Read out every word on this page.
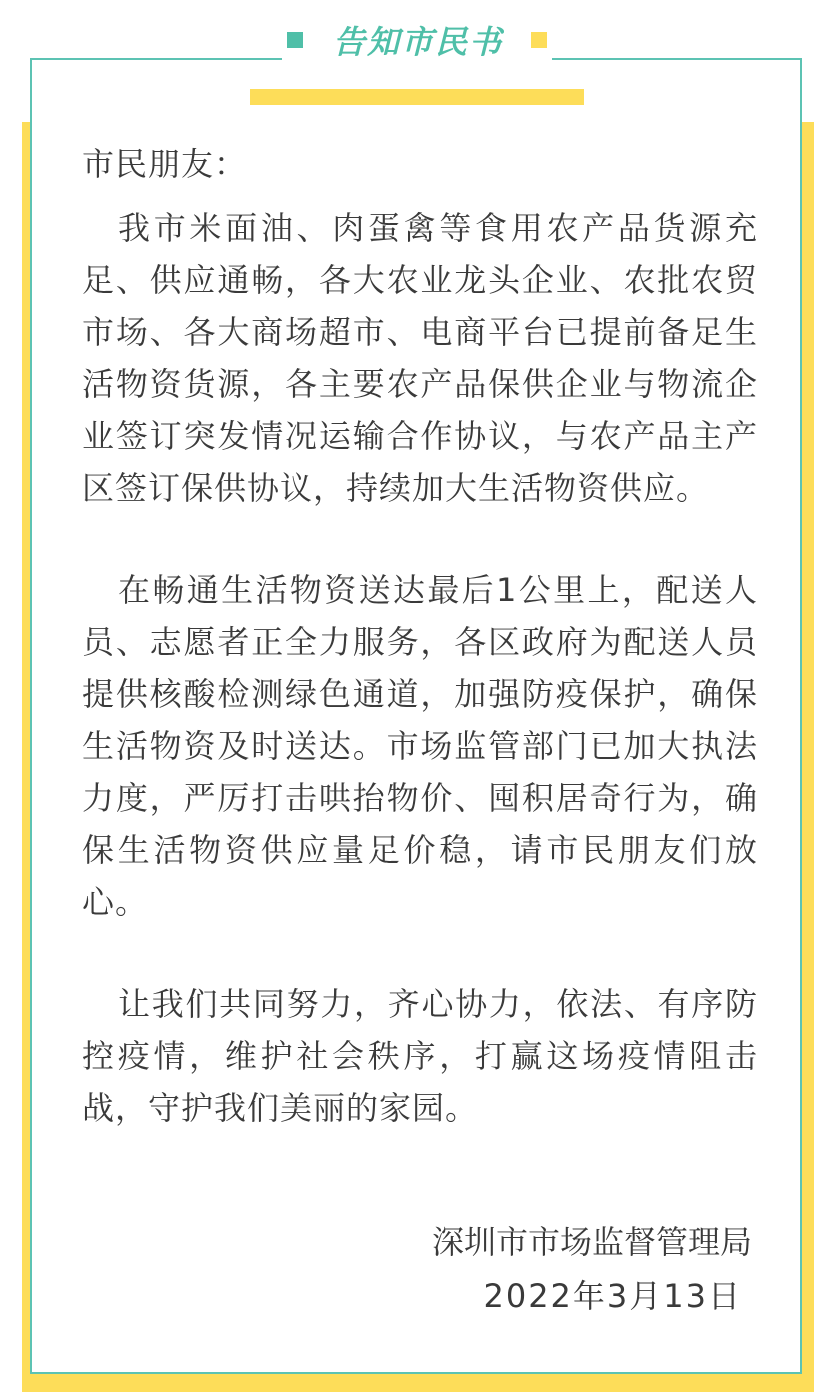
告知市民书
市民朋友：

我市米面油、肉蛋禽等食用农产品货源充足、供应通畅，各大农业龙头企业、农批农贸市场、各大商场超市、电商平台已提前备足生活物资货源，各主要农产品保供企业与物流企业签订突发情况运输合作协议，与农产品主产区签订保供协议，持续加大生活物资供应。

在畅通生活物资送达最后1公里上，配送人员、志愿者正全力服务，各区政府为配送人员提供核酸检测绿色通道，加强防疫保护，确保生活物资及时送达。市场监管部门已加大执法力度，严厉打击哄抬物价、囤积居奇行为，确保生活物资供应量足价稳，请市民朋友们放心。

让我们共同努力，齐心协力，依法、有序防控疫情，维护社会秩序，打赢这场疫情阻击战，守护我们美丽的家园。

深圳市市场监督管理局
2022年3月13日
